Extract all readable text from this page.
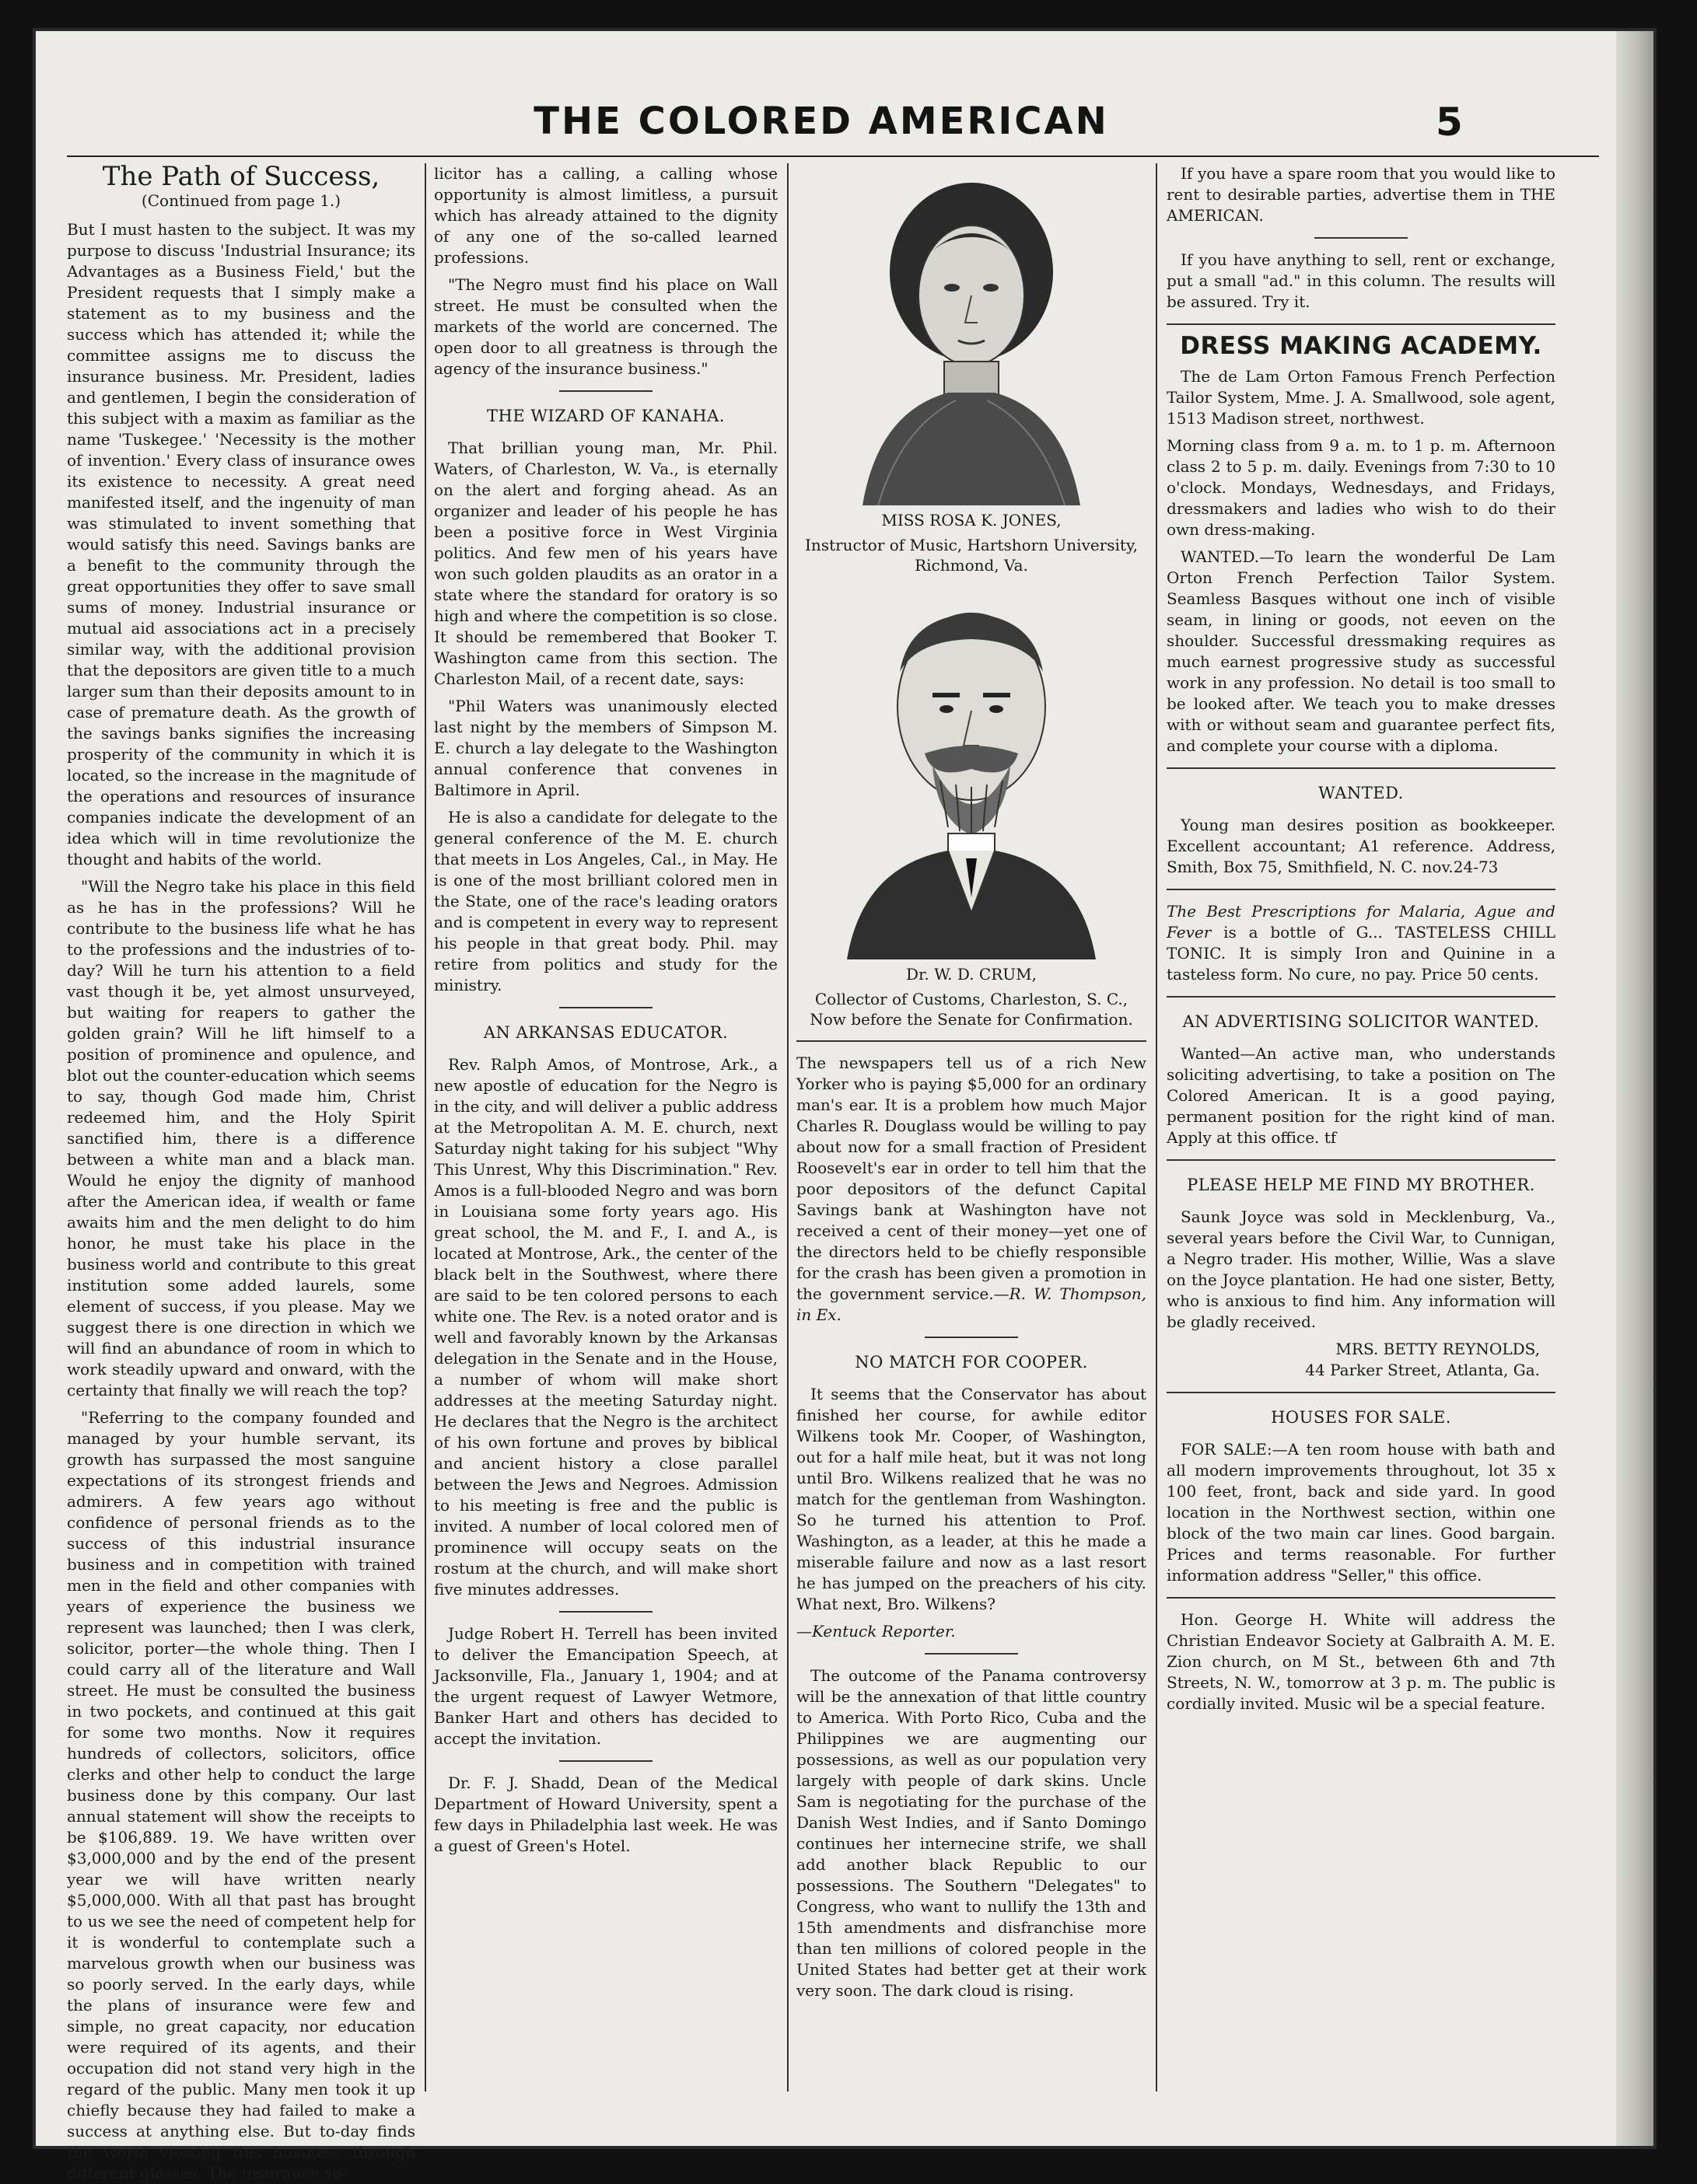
THE COLORED AMERICAN	5
The Path of Success,
(Continued from page 1.)

But I must hasten to the subject. It was my purpose to discuss 'Industrial Insurance; its Advantages as a Business Field,' but the President requests that I simply make a statement as to my business and the success which has attended it; while the committee assigns me to discuss the insurance business. Mr. President, ladies and gentlemen, I begin the consideration of this subject with a maxim as familiar as the name 'Tuskegee.' 'Necessity is the mother of invention.' Every class of insurance owes its existence to necessity. A great need manifested itself, and the ingenuity of man was stimulated to invent something that would satisfy this need. Savings banks are a benefit to the community through the great opportunities they offer to save small sums of money. Industrial insurance or mutual aid associations act in a precisely similar way, with the additional provision that the depositors are given title to a much larger sum than their deposits amount to in case of premature death. As the growth of the savings banks signifies the increasing prosperity of the community in which it is located, so the increase in the magnitude of the operations and resources of insurance companies indicate the development of an idea which will in time revolutionize the thought and habits of the world.

"Will the Negro take his place in this field as he has in the professions? Will he contribute to the business life what he has to the professions and the industries of to-day? Will he turn his attention to a field vast though it be, yet almost unsurveyed, but waiting for reapers to gather the golden grain? Will he lift himself to a position of prominence and opulence, and blot out the counter-education which seems to say, though God made him, Christ redeemed him, and the Holy Spirit sanctified him, there is a difference between a white man and a black man. Would he enjoy the dignity of manhood after the American idea, if wealth or fame awaits him and the men delight to do him honor, he must take his place in the business world and contribute to this great institution some added laurels, some element of success, if you please. May we suggest there is one direction in which we will find an abundance of room in which to work steadily upward and onward, with the certainty that finally we will reach the top?

"Referring to the company founded and managed by your humble servant, its growth has surpassed the most sanguine expectations of its strongest friends and admirers. A few years ago without confidence of personal friends as to the success of this industrial insurance business and in competition with trained men in the field and other companies with years of experience the business we represent was launched; then I was clerk, solicitor, porter—the whole thing. Then I could carry all of the literature and Wall street. He must be consulted the business in two pockets, and continued at this gait for some two months. Now it requires hundreds of collectors, solicitors, office clerks and other help to conduct the large business done by this company. Our last annual statement will show the receipts to be $106,889. 19. We have written over $3,000,000 and by the end of the present year we will have written nearly $5,000,000. With all that past has brought to us we see the need of competent help for it is wonderful to contemplate such a marvelous growth when our business was so poorly served. In the early days, while the plans of insurance were few and simple, no great capacity, nor education were required of its agents, and their occupation did not stand very high in the regard of the public. Many men took it up chiefly because they had failed to make a success at anything else. But to-day finds the world viewing this business through different glasses. The insurance so-

licitor has a calling, a calling whose opportunity is almost limitless, a pursuit which has already attained to the dignity of any one of the so-called learned professions.

"The Negro must find his place on Wall street. He must be consulted when the markets of the world are concerned. The open door to all greatness is through the agency of the insurance business."

THE WIZARD OF KANAHA.

That brillian young man, Mr. Phil. Waters, of Charleston, W. Va., is eternally on the alert and forging ahead. As an organizer and leader of his people he has been a positive force in West Virginia politics. And few men of his years have won such golden plaudits as an orator in a state where the standard for oratory is so high and where the competition is so close. It should be remembered that Booker T. Washington came from this section. The Charleston Mail, of a recent date, says:

"Phil Waters was unanimously elected last night by the members of Simpson M. E. church a lay delegate to the Washington annual conference that convenes in Baltimore in April.

He is also a candidate for delegate to the general conference of the M. E. church that meets in Los Angeles, Cal., in May. He is one of the most brilliant colored men in the State, one of the race's leading orators and is competent in every way to represent his people in that great body. Phil. may retire from politics and study for the ministry.

AN ARKANSAS EDUCATOR.

Rev. Ralph Amos, of Montrose, Ark., a new apostle of education for the Negro is in the city, and will deliver a public address at the Metropolitan A. M. E. church, next Saturday night taking for his subject "Why This Unrest, Why this Discrimination." Rev. Amos is a full-blooded Negro and was born in Louisiana some forty years ago. His great school, the M. and F., I. and A., is located at Montrose, Ark., the center of the black belt in the Southwest, where there are said to be ten colored persons to each white one. The Rev. is a noted orator and is well and favorably known by the Arkansas delegation in the Senate and in the House, a number of whom will make short addresses at the meeting Saturday night. He declares that the Negro is the architect of his own fortune and proves by biblical and ancient history a close parallel between the Jews and Negroes. Admission to his meeting is free and the public is invited. A number of local colored men of prominence will occupy seats on the rostum at the church, and will make short five minutes addresses.

Judge Robert H. Terrell has been invited to deliver the Emancipation Speech, at Jacksonville, Fla., January 1, 1904; and at the urgent request of Lawyer Wetmore, Banker Hart and others has decided to accept the invitation.

Dr. F. J. Shadd, Dean of the Medical Department of Howard University, spent a few days in Philadelphia last week. He was a guest of Green's Hotel.

MISS ROSA K. JONES,
Instructor of Music, Hartshorn University, Richmond, Va.
Dr. W. D. CRUM,
Collector of Customs, Charleston, S. C., Now before the Senate for Confirmation.

The newspapers tell us of a rich New Yorker who is paying $5,000 for an ordinary man's ear. It is a problem how much Major Charles R. Douglass would be willing to pay about now for a small fraction of President Roosevelt's ear in order to tell him that the poor depositors of the defunct Capital Savings bank at Washington have not received a cent of their money—yet one of the directors held to be chiefly responsible for the crash has been given a promotion in the government service.—R. W. Thompson, in Ex.

NO MATCH FOR COOPER.

It seems that the Conservator has about finished her course, for awhile editor Wilkens took Mr. Cooper, of Washington, out for a half mile heat, but it was not long until Bro. Wilkens realized that he was no match for the gentleman from Washington. So he turned his attention to Prof. Washington, as a leader, at this he made a miserable failure and now as a last resort he has jumped on the preachers of his city. What next, Bro. Wilkens?

—Kentuck Reporter.

The outcome of the Panama controversy will be the annexation of that little country to America. With Porto Rico, Cuba and the Philippines we are augmenting our possessions, as well as our population very largely with people of dark skins. Uncle Sam is negotiating for the purchase of the Danish West Indies, and if Santo Domingo continues her internecine strife, we shall add another black Republic to our possessions. The Southern "Delegates" to Congress, who want to nullify the 13th and 15th amendments and disfranchise more than ten millions of colored people in the United States had better get at their work very soon. The dark cloud is rising.

If you have a spare room that you would like to rent to desirable parties, advertise them in THE AMERICAN.

If you have anything to sell, rent or exchange, put a small "ad." in this column. The results will be assured. Try it.

DRESS MAKING ACADEMY.

The de Lam Orton Famous French Perfection Tailor System, Mme. J. A. Smallwood, sole agent, 1513 Madison street, northwest.

Morning class from 9 a. m. to 1 p. m. Afternoon class 2 to 5 p. m. daily. Evenings from 7:30 to 10 o'clock. Mondays, Wednesdays, and Fridays, dressmakers and ladies who wish to do their own dress-making.

WANTED.—To learn the wonderful De Lam Orton French Perfection Tailor System. Seamless Basques without one inch of visible seam, in lining or goods, not eeven on the shoulder. Successful dressmaking requires as much earnest progressive study as successful work in any profession. No detail is too small to be looked after. We teach you to make dresses with or without seam and guarantee perfect fits, and complete your course with a diploma.

WANTED.

Young man desires position as bookkeeper. Excellent accountant; A1 reference. Address, Smith, Box 75, Smithfield, N. C. nov.24-73

The Best Prescriptions for Malaria, Ague and Fever is a bottle of G... TASTELESS CHILL TONIC. It is simply Iron and Quinine in a tasteless form. No cure, no pay. Price 50 cents.

AN ADVERTISING SOLICITOR WANTED.

Wanted—An active man, who understands soliciting advertising, to take a position on The Colored American. It is a good paying, permanent position for the right kind of man. Apply at this office. tf

PLEASE HELP ME FIND MY BROTHER.

Saunk Joyce was sold in Mecklenburg, Va., several years before the Civil War, to Cunnigan, a Negro trader. His mother, Willie, Was a slave on the Joyce plantation. He had one sister, Betty, who is anxious to find him. Any information will be gladly received.

MRS. BETTY REYNOLDS,
44 Parker Street, Atlanta, Ga.
HOUSES FOR SALE.

FOR SALE:—A ten room house with bath and all modern improvements throughout, lot 35 x 100 feet, front, back and side yard. In good location in the Northwest section, within one block of the two main car lines. Good bargain. Prices and terms reasonable. For further information address "Seller," this office.

Hon. George H. White will address the Christian Endeavor Society at Galbraith A. M. E. Zion church, on M St., between 6th and 7th Streets, N. W., tomorrow at 3 p. m. The public is cordially invited. Music wil be a special feature.
